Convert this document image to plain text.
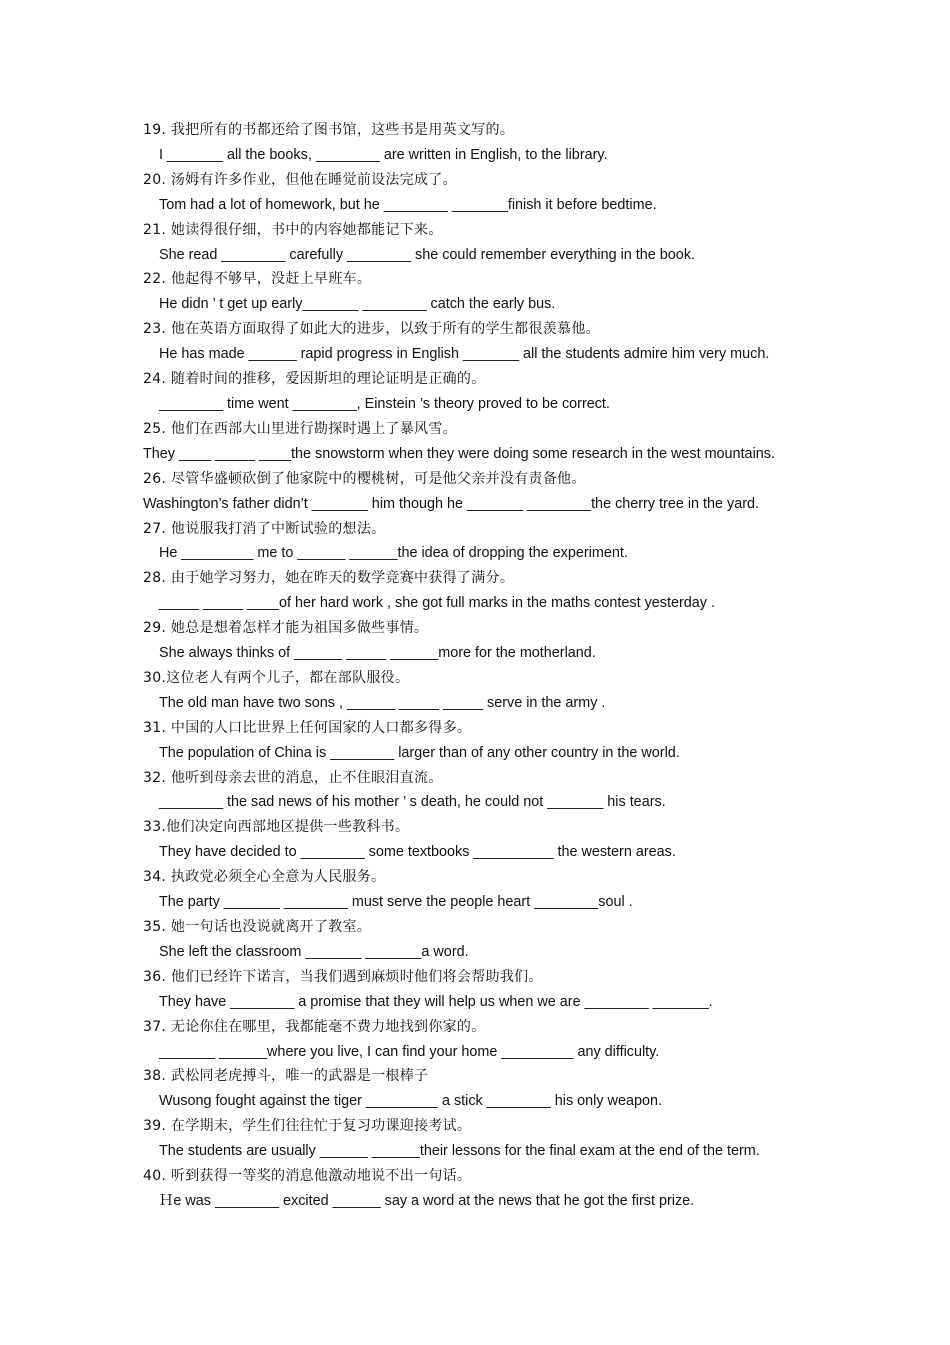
19. 我把所有的书都还给了图书馆，这些书是用英文写的。
I _______ all the books, ________ are written in English, to the library.
20. 汤姆有许多作业，但他在睡觉前设法完成了。
Tom had a lot of homework, but he ________ _______finish it before bedtime.
21. 她读得很仔细，书中的内容她都能记下来。
She read ________ carefully ________ she could remember everything in the book.
22. 他起得不够早，没赶上早班车。
He didn ’ t get up early_______ ________ catch the early bus.
23. 他在英语方面取得了如此大的进步，以致于所有的学生都很羡慕他。
He has made ______ rapid progress in English _______ all the students admire him very much.
24. 随着时间的推移，爱因斯坦的理论证明是正确的。
________ time went ________, Einstein ’s theory proved to be correct.
25. 他们在西部大山里进行勘探时遇上了暴风雪。
They ____ _____ ____the snowstorm when they were doing some research in the west mountains.
26. 尽管华盛顿砍倒了他家院中的樱桃树，可是他父亲并没有责备他。
Washington’s father didn’t _______ him though he _______ ________the cherry tree in the yard.
27. 他说服我打消了中断试验的想法。
He _________ me to ______ ______the idea of dropping the experiment.
28. 由于她学习努力，她在昨天的数学竞赛中获得了满分。
_____ _____ ____of her hard work , she got full marks in the maths contest yesterday .
29. 她总是想着怎样才能为祖国多做些事情。
She always thinks of ______ _____ ______more for the motherland.
30.这位老人有两个儿子，都在部队服役。
The old man have two sons , ______ _____ _____ serve in the army .
31. 中国的人口比世界上任何国家的人口都多得多。
The population of China is ________ larger than of any other country in the world.
32. 他听到母亲去世的消息，止不住眼泪直流。
________ the sad news of his mother ’ s death, he could not _______ his tears.
33.他们决定向西部地区提供一些教科书。
They have decided to ________ some textbooks __________ the western areas.
34. 执政党必须全心全意为人民服务。
The party _______ ________ must serve the people heart ________soul .
35. 她一句话也没说就离开了教室。
She left the classroom _______ _______a word.
36. 他们已经许下诺言，当我们遇到麻烦时他们将会帮助我们。
They have ________ a promise that they will help us when we are ________ _______.
37. 无论你住在哪里，我都能毫不费力地找到你家的。
_______ ______where you live, I can find your home _________ any difficulty.
38. 武松同老虎搏斗，唯一的武器是一根棒子
Wusong fought against the tiger _________ a stick ________ his only weapon.
39. 在学期末，学生们往往忙于复习功课迎接考试。
The students are usually ______ ______their lessons for the final exam at the end of the term.
40. 听到获得一等奖的消息他激动地说不出一句话。
Ｈe was ________ excited ______ say a word at the news that he got the first prize.
